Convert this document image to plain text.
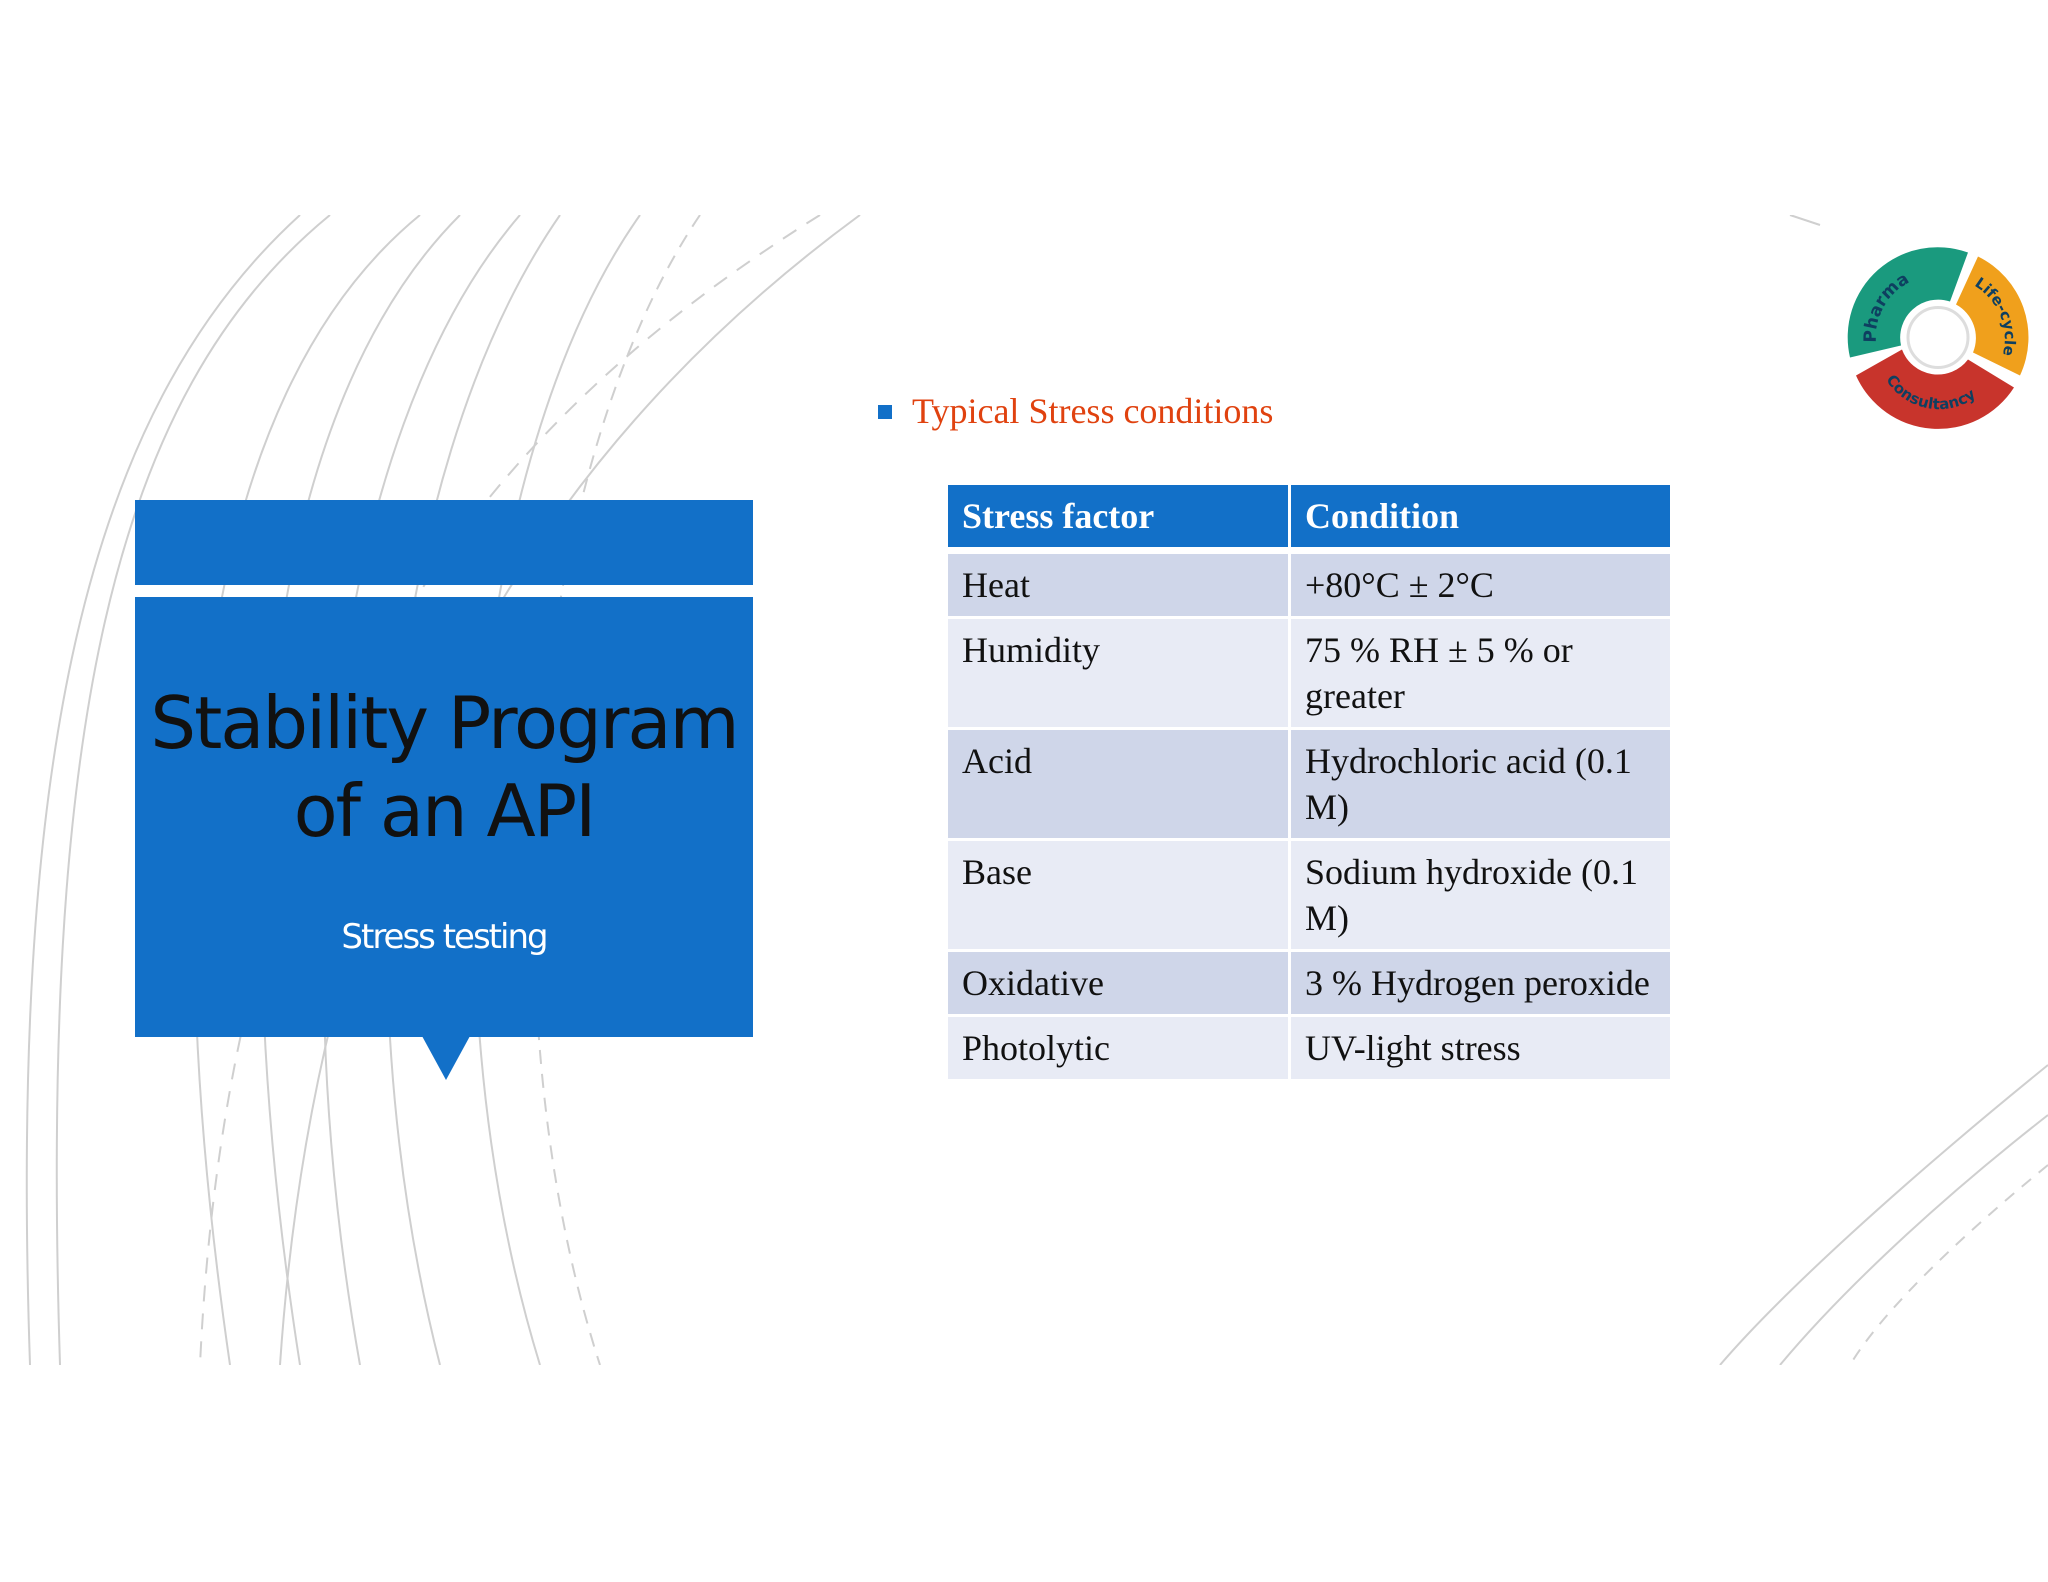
Stability Program of an API
Stress testing
Typical Stress conditions
Stress factor	Condition
Heat	+80°C ± 2°C
Humidity	75 % RH ± 5 % or greater
Acid	Hydrochloric acid (0.1 M)
Base	Sodium hydroxide (0.1 M)
Oxidative	3 % Hydrogen peroxide
Photolytic	UV-light stress
Pharma	Life-cycle
Consultancy
